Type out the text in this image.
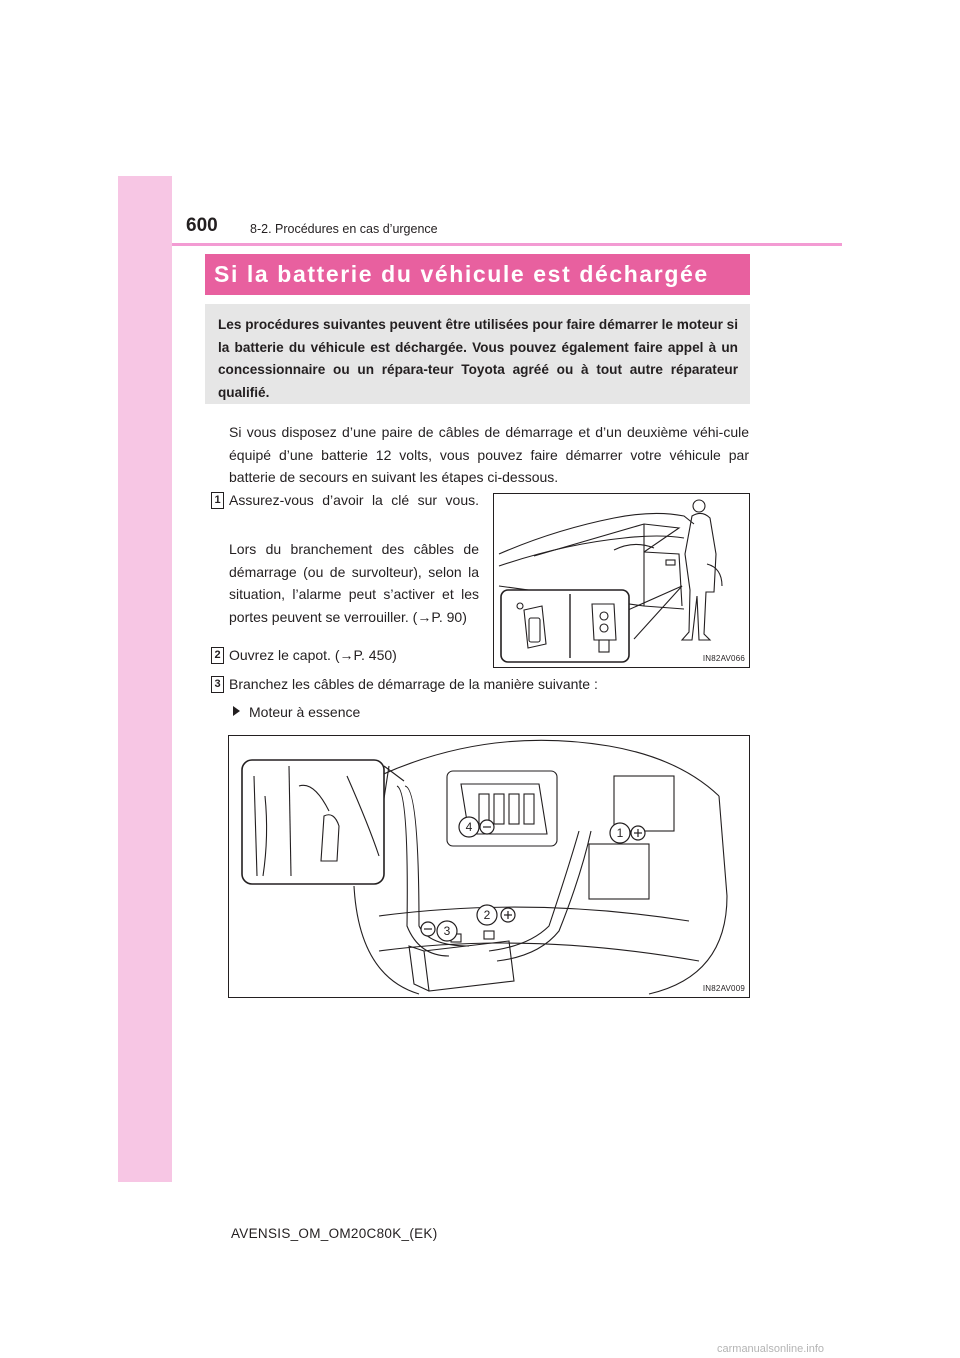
600	8-2. Procédures en cas d’urgence
Si la batterie du véhicule est déchargée
Les procédures suivantes peuvent être utilisées pour faire démarrer le moteur si la batterie du véhicule est déchargée. Vous pouvez également faire appel à un concessionnaire ou un répara-teur Toyota agréé ou à tout autre réparateur qualifié.
Si vous disposez d’une paire de câbles de démarrage et d’un deuxième véhi-cule équipé d’une batterie 12 volts, vous pouvez faire démarrer votre véhicule par batterie de secours en suivant les étapes ci-dessous.
1 Assurez-vous d’avoir la clé sur vous.
Lors du branchement des câbles de démarrage (ou de survolteur), selon la situation, l’alarme peut s’activer et les portes peuvent se verrouiller. (→P. 90)
2 Ouvrez le capot. (→P. 450)
3 Branchez les câbles de démarrage de la manière suivante :
Moteur à essence
IN82AV066
4	1
2
3
IN82AV009
AVENSIS_OM_OM20C80K_(EK)
carmanualsonline.info
